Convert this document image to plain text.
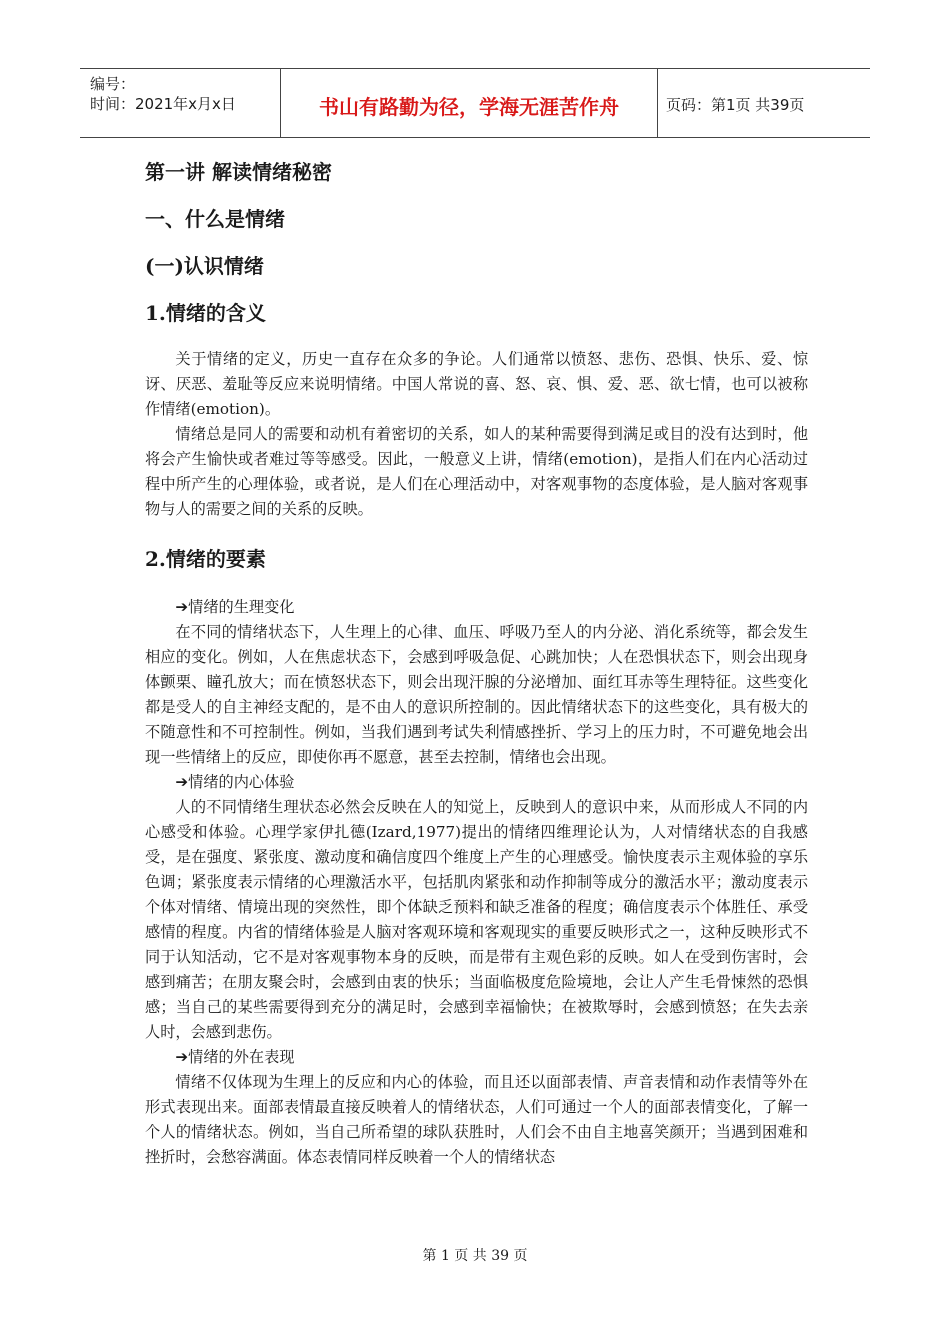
编号：
时间：2021年x月x日	书山有路勤为径，学海无涯苦作舟	页码：第1页 共39页
第一讲 解读情绪秘密
一、什么是情绪
(一)认识情绪
1.情绪的含义

关于情绪的定义，历史一直存在众多的争论。人们通常以愤怒、悲伤、恐惧、快乐、爱、惊讶、厌恶、羞耻等反应来说明情绪。中国人常说的喜、怒、哀、惧、爱、恶、欲七情，也可以被称作情绪(emotion)。

情绪总是同人的需要和动机有着密切的关系，如人的某种需要得到满足或目的没有达到时，他将会产生愉快或者难过等等感受。因此，一般意义上讲，情绪(emotion)，是指人们在内心活动过程中所产生的心理体验，或者说，是人们在心理活动中，对客观事物的态度体验，是人脑对客观事物与人的需要之间的关系的反映。

2.情绪的要素
➔情绪的生理变化

在不同的情绪状态下，人生理上的心律、血压、呼吸乃至人的内分泌、消化系统等，都会发生相应的变化。例如，人在焦虑状态下，会感到呼吸急促、心跳加快；人在恐惧状态下，则会出现身体颤栗、瞳孔放大；而在愤怒状态下，则会出现汗腺的分泌增加、面红耳赤等生理特征。这些变化都是受人的自主神经支配的，是不由人的意识所控制的。因此情绪状态下的这些变化，具有极大的不随意性和不可控制性。例如，当我们遇到考试失利情感挫折、学习上的压力时，不可避免地会出现一些情绪上的反应，即使你再不愿意，甚至去控制，情绪也会出现。

➔情绪的内心体验

人的不同情绪生理状态必然会反映在人的知觉上，反映到人的意识中来，从而形成人不同的内心感受和体验。心理学家伊扎德(Izard,1977)提出的情绪四维理论认为，人对情绪状态的自我感受，是在强度、紧张度、激动度和确信度四个维度上产生的心理感受。愉快度表示主观体验的享乐色调；紧张度表示情绪的心理激活水平，包括肌肉紧张和动作抑制等成分的激活水平；激动度表示个体对情绪、情境出现的突然性，即个体缺乏预料和缺乏准备的程度；确信度表示个体胜任、承受感情的程度。内省的情绪体验是人脑对客观环境和客观现实的重要反映形式之一，这种反映形式不同于认知活动，它不是对客观事物本身的反映，而是带有主观色彩的反映。如人在受到伤害时，会感到痛苦；在朋友聚会时，会感到由衷的快乐；当面临极度危险境地，会让人产生毛骨悚然的恐惧感；当自己的某些需要得到充分的满足时，会感到幸福愉快；在被欺辱时，会感到愤怒；在失去亲人时，会感到悲伤。

➔情绪的外在表现

情绪不仅体现为生理上的反应和内心的体验，而且还以面部表情、声音表情和动作表情等外在形式表现出来。面部表情最直接反映着人的情绪状态，人们可通过一个人的面部表情变化，了解一个人的情绪状态。例如，当自己所希望的球队获胜时，人们会不由自主地喜笑颜开；当遇到困难和挫折时，会愁容满面。体态表情同样反映着一个人的情绪状态

第 1 页 共 39 页
